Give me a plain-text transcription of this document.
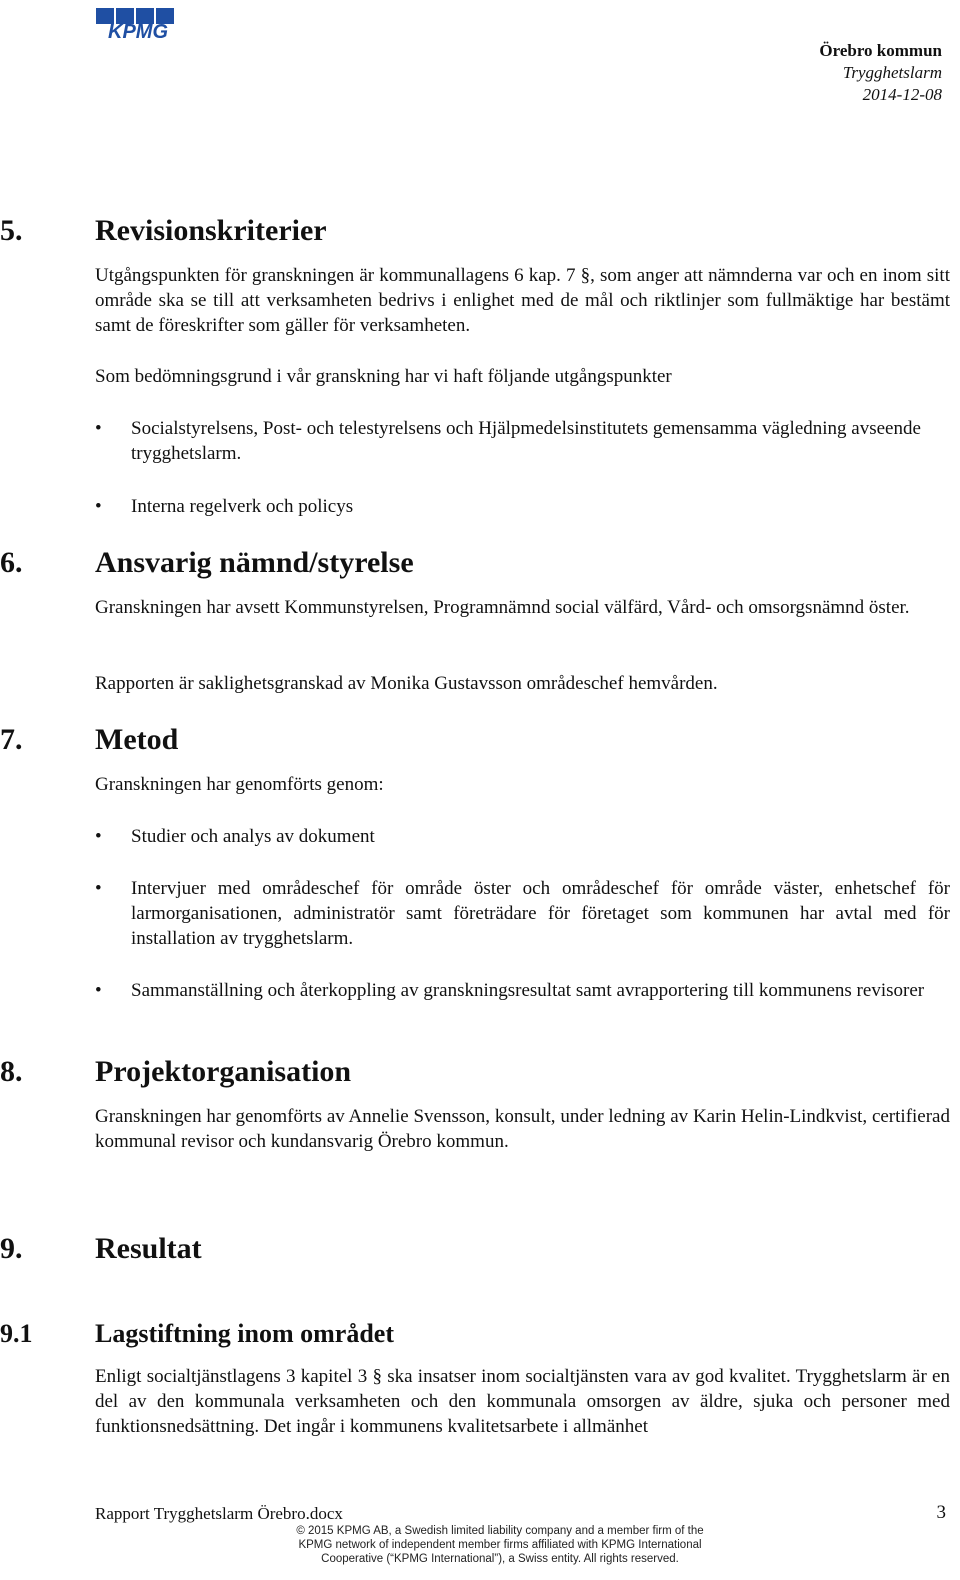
KPMG
Örebro kommun
Trygghetslarm
2014-12-08
5. Revisionskriterier

Utgångspunkten för granskningen är kommunallagens 6 kap. 7 §, som anger att nämnderna var och en inom sitt område ska se till att verksamheten bedrivs i enlighet med de mål och riktlinjer som fullmäktige har bestämt samt de föreskrifter som gäller för verksamheten.

Som bedömningsgrund i vår granskning har vi haft följande utgångspunkter

•	Socialstyrelsens, Post- och telestyrelsens och Hjälpmedelsinstitutets gemensamma vägledning avseende trygghetslarm.
•	Interna regelverk och policys
6. Ansvarig nämnd/styrelse

Granskningen har avsett Kommunstyrelsen, Programnämnd social välfärd, Vård- och omsorgsnämnd öster.

Rapporten är saklighetsgranskad av Monika Gustavsson områdeschef hemvården.

7. Metod

Granskningen har genomförts genom:

•	Studier och analys av dokument
•	Intervjuer med områdeschef för område öster och områdeschef för område väster, enhetschef för larmorganisationen, administratör samt företrädare för företaget som kommunen har avtal med för installation av trygghetslarm.
•	Sammanställning och återkoppling av granskningsresultat samt avrapportering till kommunens revisorer
8. Projektorganisation

Granskningen har genomförts av Annelie Svensson, konsult, under ledning av Karin Helin-Lindkvist, certifierad kommunal revisor och kundansvarig Örebro kommun.

9. Resultat
9.1 Lagstiftning inom området

Enligt socialtjänstlagens 3 kapitel 3 § ska insatser inom socialtjänsten vara av god kvalitet. Trygghetslarm är en del av den kommunala verksamheten och den kommunala omsorgen av äldre, sjuka och personer med funktionsnedsättning. Det ingår i kommunens kvalitetsarbete i allmänhet

Rapport Trygghetslarm Örebro.docx	3
© 2015 KPMG AB, a Swedish limited liability company and a member firm of the
KPMG network of independent member firms affiliated with KPMG International
Cooperative (“KPMG International”), a Swiss entity. All rights reserved.
